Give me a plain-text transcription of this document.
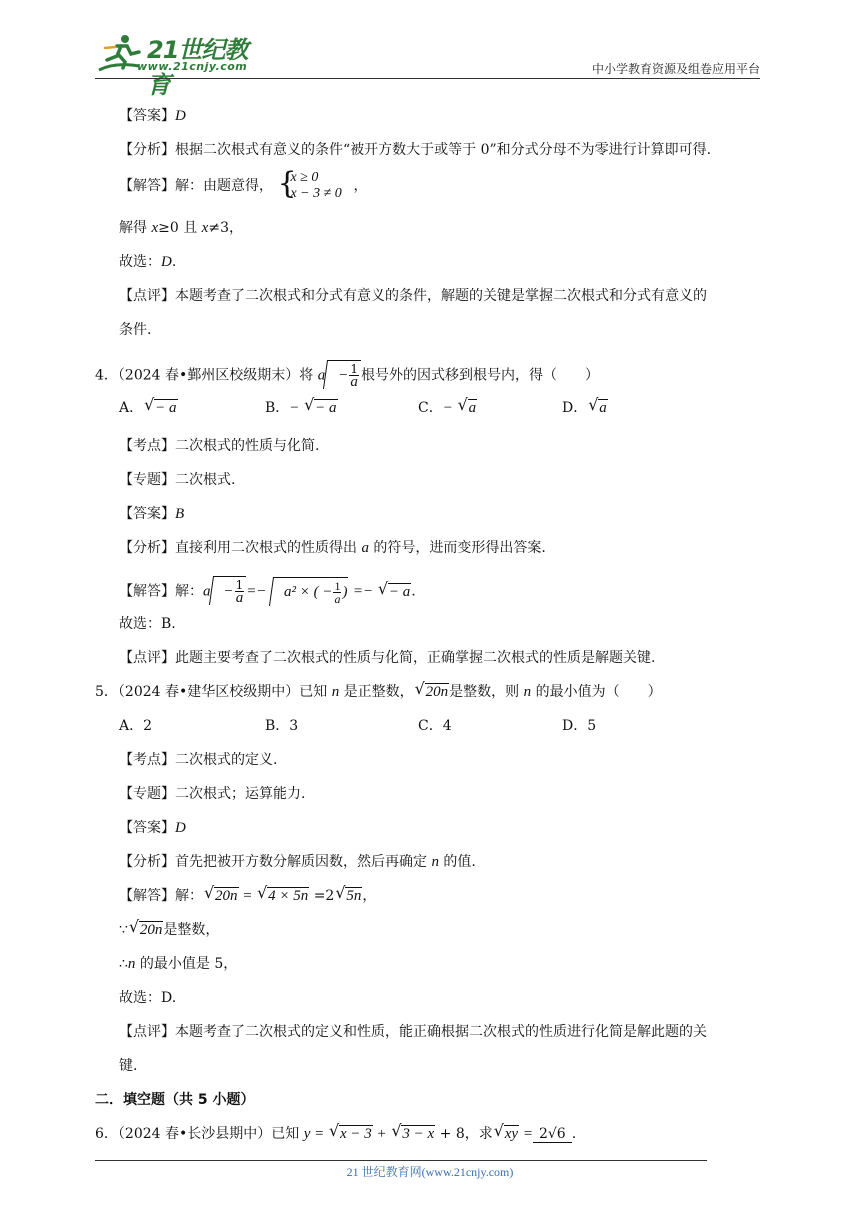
21世纪教育
www.21cnjy.com	中小学教育资源及组卷应用平台
【答案】D
【分析】根据二次根式有意义的条件“被开方数大于或等于 0”和分式分母不为零进行计算即可得.
【解答】解：由题意得， {
x ≥ 0
x − 3 ≠ 0 ，
解得 x≥0 且 x≠3，
故选：D.
【点评】本题考查了二次根式和分式有意义的条件，解题的关键是掌握二次根式和分式有意义的
条件.
4．（2024 春•鄞州区校级期末）将 $a - \frac{1}{a}$ 根号外的因式移到根号内，得（　　）
A． √ − a	B．− √ − a	C．− √ a	D． √ a
【考点】二次根式的性质与化简.
【专题】二次根式.
【答案】B
【分析】直接利用二次根式的性质得出 a 的符号，进而变形得出答案.
【解答】解：$a - \frac{1}{a} =- a^2$ × ( − $\frac{1}{a}$ ) =− √ − a.
故选：B.
【点评】此题主要考查了二次根式的性质与化简，正确掌握二次根式的性质是解题关键.
5．（2024 春•建华区校级期中）已知 n 是正整数， √ 20n是整数，则 n 的最小值为（　　）
A．2	B．3	C．4	D．5
【考点】二次根式的定义.
【专题】二次根式；运算能力.
【答案】D
【分析】首先把被开方数分解质因数，然后再确定 n 的值.
【解答】解： √ 20n = √ 4 × 5n =2 √ 5n，
∵ √ 20n是整数，
∴n 的最小值是 5，
故选：D.
【点评】本题考查了二次根式的定义和性质，能正确根据二次根式的性质进行化简是解此题的关
键.
二．填空题（共 5 小题）
6．（2024 春•长沙县期中）已知 y = √ x − 3 + √ 3 − x + 8，求 √ xy = 2√6 .
21 世纪教育网(www.21cnjy.com)
